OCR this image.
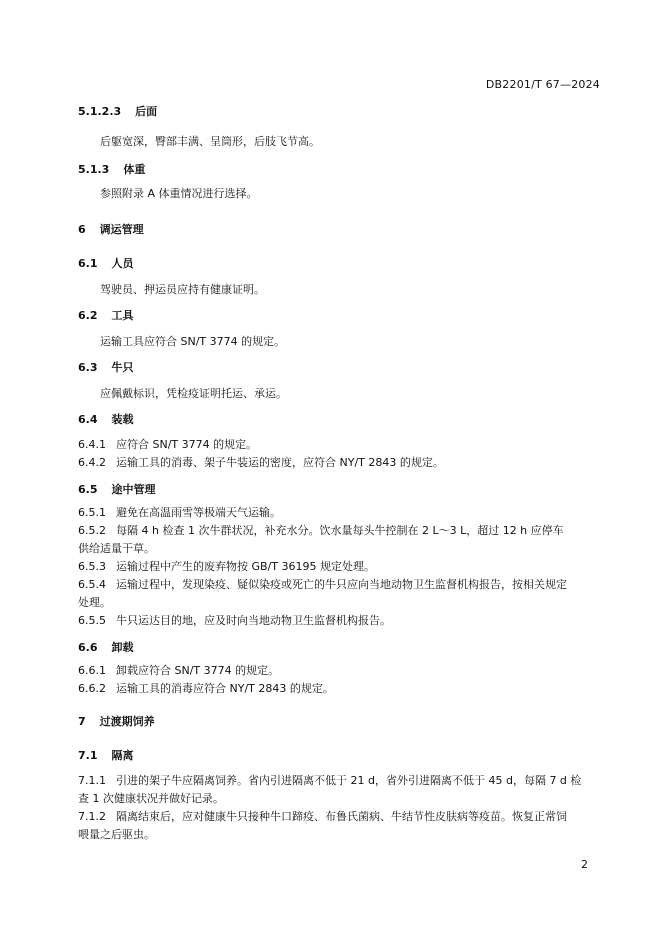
DB2201/T 67—2024
5.1.2.3 后面
后躯宽深，臀部丰满、呈筒形，后肢飞节高。
5.1.3 体重
参照附录 A 体重情况进行选择。
6 调运管理
6.1 人员
驾驶员、押运员应持有健康证明。
6.2 工具
运输工具应符合 SN/T 3774 的规定。
6.3 牛只
应佩戴标识，凭检疫证明托运、承运。
6.4 装载
6.4.1 应符合 SN/T 3774 的规定。
6.4.2 运输工具的消毒、架子牛装运的密度，应符合 NY/T 2843 的规定。
6.5 途中管理
6.5.1 避免在高温雨雪等极端天气运输。
6.5.2 每隔 4 h 检查 1 次牛群状况，补充水分。饮水量每头牛控制在 2 L～3 L，超过 12 h 应停车
供给适量干草。
6.5.3 运输过程中产生的废弃物按 GB/T 36195 规定处理。
6.5.4 运输过程中，发现染疫、疑似染疫或死亡的牛只应向当地动物卫生监督机构报告，按相关规定
处理。
6.5.5 牛只运达目的地，应及时向当地动物卫生监督机构报告。
6.6 卸载
6.6.1 卸载应符合 SN/T 3774 的规定。
6.6.2 运输工具的消毒应符合 NY/T 2843 的规定。
7 过渡期饲养
7.1 隔离
7.1.1 引进的架子牛应隔离饲养。省内引进隔离不低于 21 d，省外引进隔离不低于 45 d，每隔 7 d 检
查 1 次健康状况并做好记录。
7.1.2 隔离结束后，应对健康牛只接种牛口蹄疫、布鲁氏菌病、牛结节性皮肤病等疫苗。恢复正常饲
喂量之后驱虫。
2
